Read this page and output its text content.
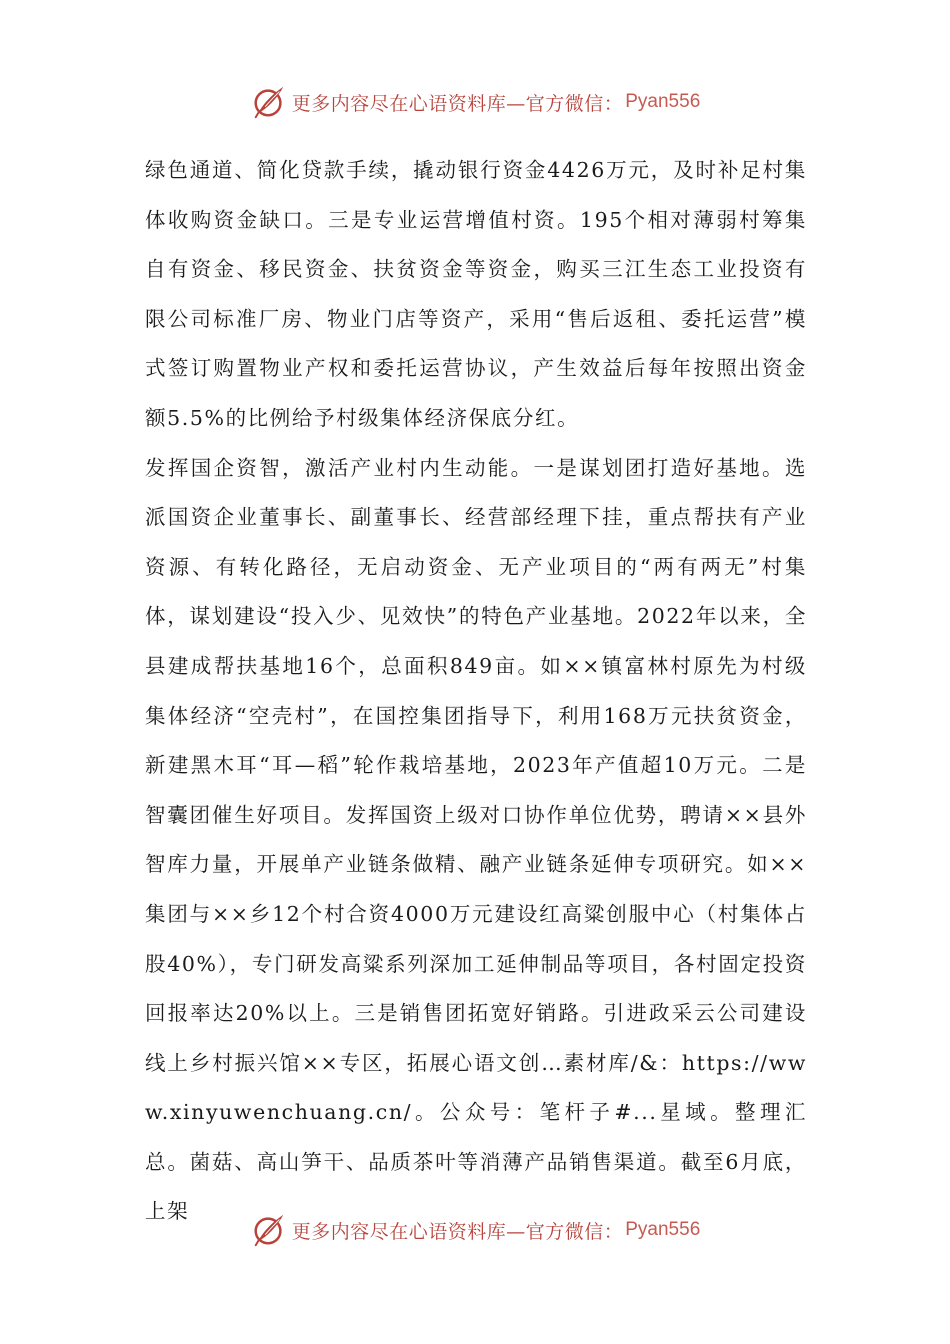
更多内容尽在心语资料库—官方微信： Pyan556

绿色通道、简化贷款手续，撬动银行资金4426万元，及时补足村集体收购资金缺口。三是专业运营增值村资。195个相对薄弱村筹集自有资金、移民资金、扶贫资金等资金，购买三江生态工业投资有限公司标准厂房、物业门店等资产，采用“售后返租、委托运营”模式签订购置物业产权和委托运营协议，产生效益后每年按照出资金额5.5%的比例给予村级集体经济保底分红。

发挥国企资智，激活产业村内生动能。一是谋划团打造好基地。选派国资企业董事长、副董事长、经营部经理下挂，重点帮扶有产业资源、有转化路径，无启动资金、无产业项目的“两有两无”村集体，谋划建设“投入少、见效快”的特色产业基地。2022年以来，全县建成帮扶基地16个，总面积849亩。如××镇富林村原先为村级集体经济“空壳村”，在国控集团指导下，利用168万元扶贫资金，新建黑木耳“耳—稻”轮作栽培基地，2023年产值超10万元。二是智囊团催生好项目。发挥国资上级对口协作单位优势，聘请××县外智库力量，开展单产业链条做精、融产业链条延伸专项研究。如××集团与××乡12个村合资4000万元建设红高粱创服中心（村集体占股40%），专门研发高粱系列深加工延伸制品等项目，各村固定投资回报率达20%以上。三是销售团拓宽好销路。引进政采云公司建设线上乡村振兴馆××专区，拓展心语文创…素材库/&：https://www.xinyuwenchuang.cn/。公众号：笔杆子#...星域。整理汇总。菌菇、高山笋干、品质茶叶等消薄产品销售渠道。截至6月底，上架

更多内容尽在心语资料库—官方微信： Pyan556
